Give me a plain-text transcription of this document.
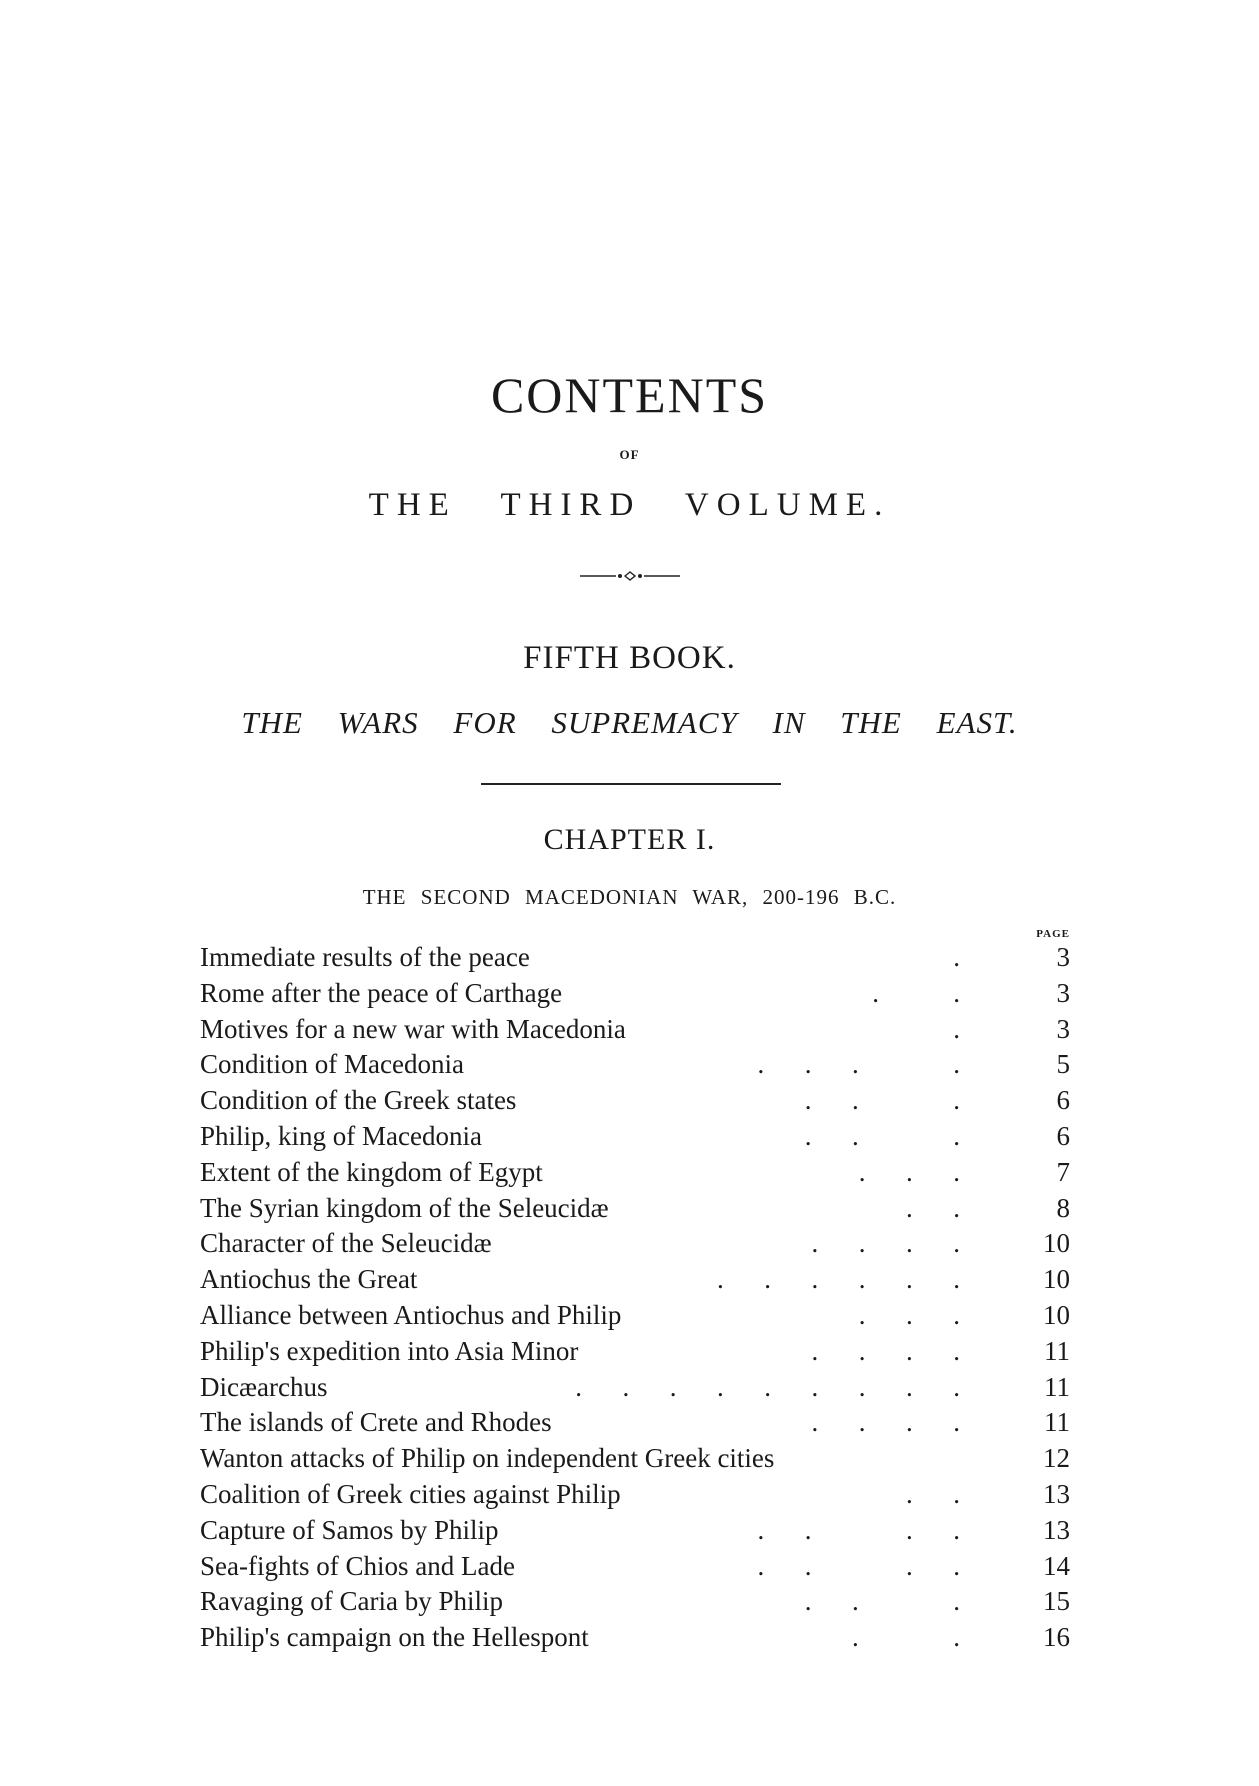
CONTENTS
OF
THE THIRD VOLUME.
FIFTH BOOK.
THE WARS FOR SUPREMACY IN THE EAST.
CHAPTER I.
THE SECOND MACEDONIAN WAR, 200-196 B.C.
PAGE
.
Immediate results of the peace	3
.           .
Rome after the peace of Carthage	3
.
Motives for a new war with Macedonia	3
.      .      .              .
Condition of Macedonia	5
.      .              .
Condition of the Greek states	6
.      .              .
Philip, king of Macedonia	6
.      .      .
Extent of the kingdom of Egypt	7
.      .
The Syrian kingdom of the Seleucidæ	8
.      .      .      .
Character of the Seleucidæ	10
.      .      .      .      .      .
Antiochus the Great	10
.      .      .
Alliance between Antiochus and Philip	10
.      .      .      .
Philip's expedition into Asia Minor	11
.      .      .      .      .      .      .      .      .
Dicæarchus	11
.      .      .      .
The islands of Crete and Rhodes	11
Wanton attacks of Philip on independent Greek cities	12
.      .
Coalition of Greek cities against Philip	13
.      .              .      .
Capture of Samos by Philip	13
.      .              .      .
Sea-fights of Chios and Lade	14
.      .              .
Ravaging of Caria by Philip	15
.              .
Philip's campaign on the Hellespont	16
